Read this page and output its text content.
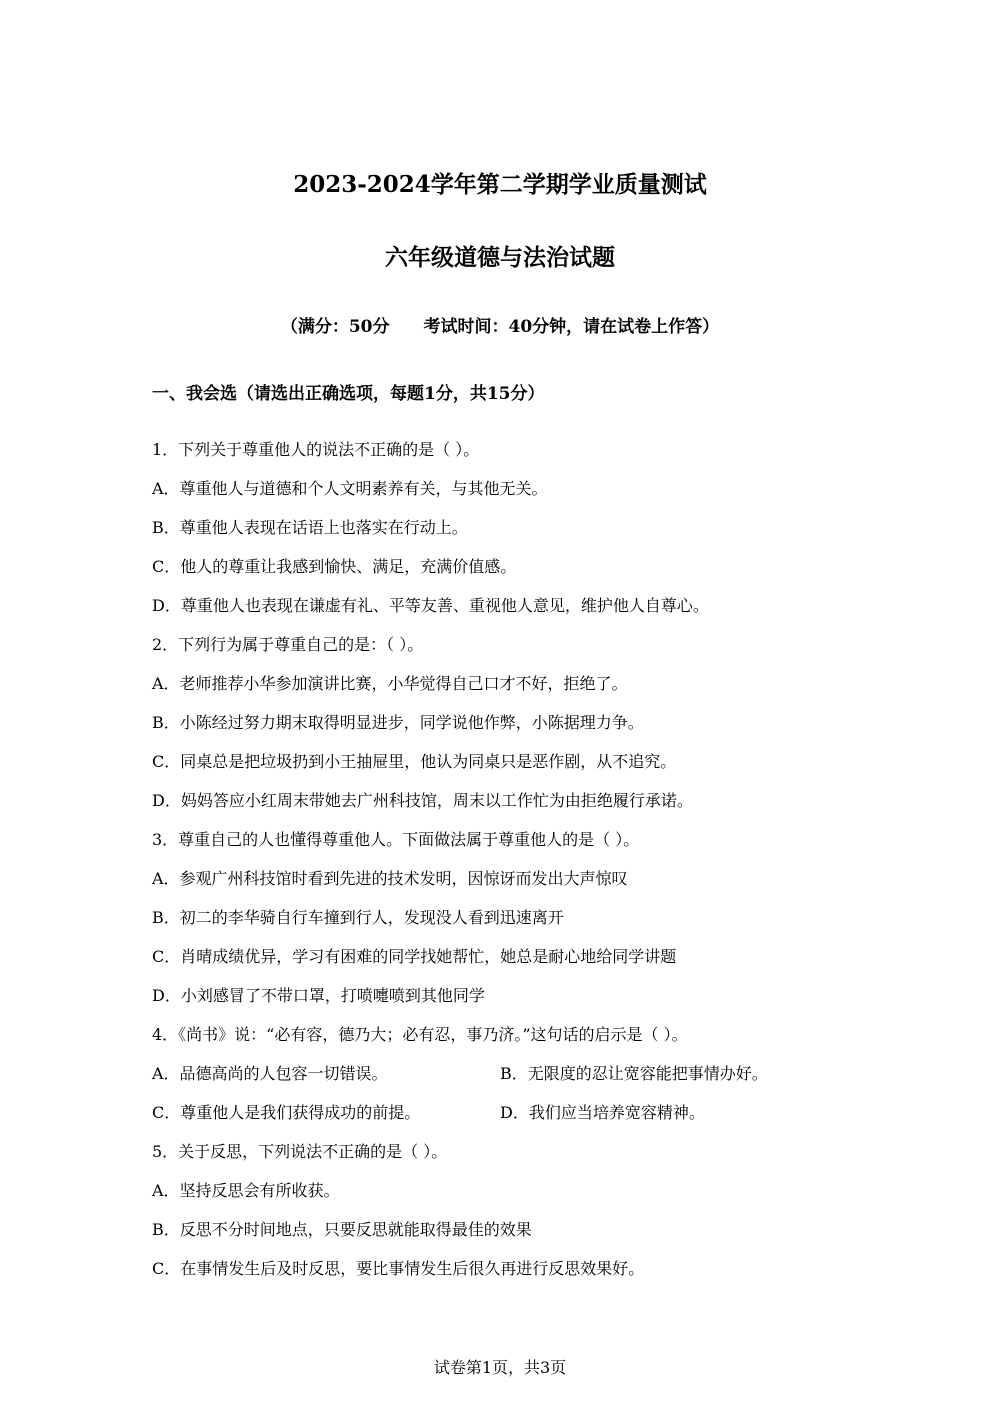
2023-2024学年第二学期学业质量测试
六年级道德与法治试题
（满分：50分 考试时间：40分钟，请在试卷上作答）
一、我会选（请选出正确选项，每题1分，共15分）
1．下列关于尊重他人的说法不正确的是（ ）。
A．尊重他人与道德和个人文明素养有关，与其他无关。
B．尊重他人表现在话语上也落实在行动上。
C．他人的尊重让我感到愉快、满足，充满价值感。
D．尊重他人也表现在谦虚有礼、平等友善、重视他人意见，维护他人自尊心。
2．下列行为属于尊重自己的是：（ ）。
A．老师推荐小华参加演讲比赛，小华觉得自己口才不好，拒绝了。
B．小陈经过努力期末取得明显进步，同学说他作弊，小陈据理力争。
C．同桌总是把垃圾扔到小王抽屉里，他认为同桌只是恶作剧，从不追究。
D．妈妈答应小红周末带她去广州科技馆，周末以工作忙为由拒绝履行承诺。
3．尊重自己的人也懂得尊重他人。下面做法属于尊重他人的是（ ）。
A．参观广州科技馆时看到先进的技术发明，因惊讶而发出大声惊叹
B．初二的李华骑自行车撞到行人，发现没人看到迅速离开
C．肖晴成绩优异，学习有困难的同学找她帮忙，她总是耐心地给同学讲题
D．小刘感冒了不带口罩，打喷嚏喷到其他同学
4．《尚书》说：“必有容，德乃大；必有忍，事乃济。”这句话的启示是（ ）。
A．品德高尚的人包容一切错误。	B．无限度的忍让宽容能把事情办好。
C．尊重他人是我们获得成功的前提。	D．我们应当培养宽容精神。
5．关于反思，下列说法不正确的是（ ）。
A．坚持反思会有所收获。
B．反思不分时间地点，只要反思就能取得最佳的效果
C．在事情发生后及时反思，要比事情发生后很久再进行反思效果好。
试卷第1页，共3页
